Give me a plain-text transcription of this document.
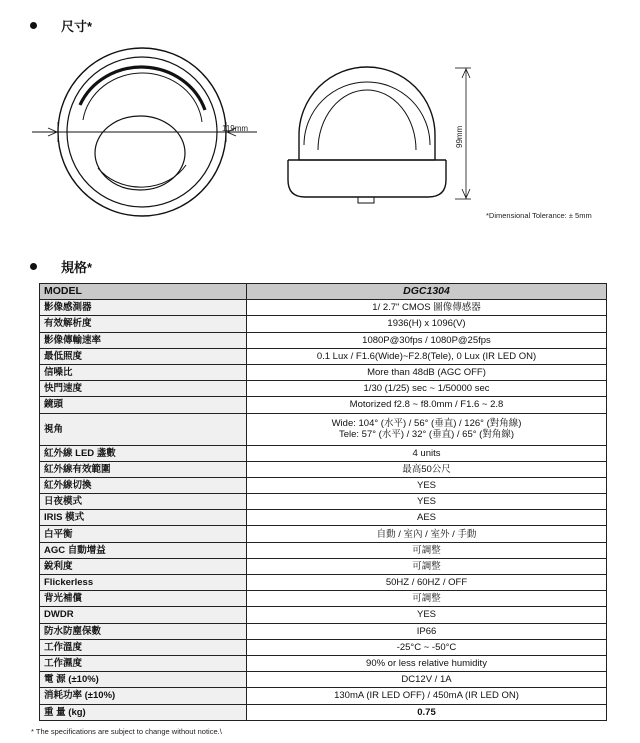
尺寸*
119mm	99mm
*Dimensional Tolerance: ± 5mm
規格*
MODEL	DGC1304
影像感測器	1/ 2.7" CMOS 圖像傳感器
有效解析度	1936(H) x 1096(V)
影像傳輸速率	1080P@30fps / 1080P@25fps
最低照度	0.1 Lux / F1.6(Wide)~F2.8(Tele), 0 Lux (IR LED ON)
信噪比	More than 48dB (AGC OFF)
快門速度	1/30 (1/25) sec ~ 1/50000 sec
鏡頭	Motorized f2.8 ~ f8.0mm / F1.6 ~ 2.8
視角	Wide: 104° (水平) / 56° (垂直) / 126° (對角線)
Tele: 57° (水平) / 32° (垂直) / 65° (對角線)

紅外線 LED 盞數	4 units
紅外線有效範圍	最高50公尺
紅外線切換	YES
日夜模式	YES
IRIS 模式	AES
白平衡	自動 / 室內 / 室外 / 手動
AGC 自動增益	可調整
銳利度	可調整
Flickerless	50HZ / 60HZ / OFF
背光補償	可調整
DWDR	YES
防水防塵保數	IP66
工作溫度	-25°C ~ -50°C
工作濕度	90% or less relative humidity
電 源 (±10%)	DC12V / 1A
消耗功率 (±10%)	130mA (IR LED OFF) / 450mA (IR LED ON)
重 量 (kg)	0.75
* The specifications are subject to change without notice.\
